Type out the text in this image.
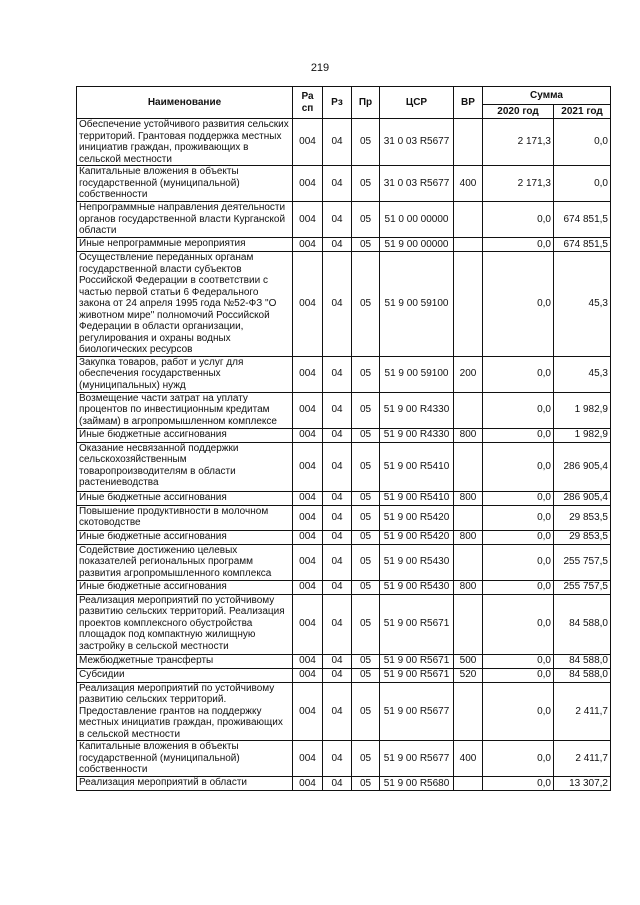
219
Наименование	Ра сп	Рз	Пр	ЦСР	ВР	Сумма	
						2020 год	2021 год
Обеспечение устойчивого развития сельских территорий. Грантовая поддержка местных инициатив граждан, проживающих в сельской местности	004	04	05	31 0 03 R5677		2 171,3	0,0
Капитальные вложения в объекты государственной (муниципальной) собственности	004	04	05	31 0 03 R5677	400	2 171,3	0,0
Непрограммные направления деятельности органов государственной власти Курганской области	004	04	05	51 0 00 00000		0,0	674 851,5
Иные непрограммные мероприятия	004	04	05	51 9 00 00000		0,0	674 851,5
Осуществление переданных органам государственной власти субъектов Российской Федерации в соответствии с частью первой статьи 6 Федерального закона от 24 апреля 1995 года №52-ФЗ "О животном мире" полномочий Российской Федерации в области организации, регулирования и охраны водных биологических ресурсов	004	04	05	51 9 00 59100		0,0	45,3
Закупка товаров, работ и услуг для обеспечения государственных (муниципальных) нужд	004	04	05	51 9 00 59100	200	0,0	45,3
Возмещение части затрат на уплату процентов по инвестиционным кредитам (займам) в агропромышленном комплексе	004	04	05	51 9 00 R4330		0,0	1 982,9
Иные бюджетные ассигнования	004	04	05	51 9 00 R4330	800	0,0	1 982,9
Оказание несвязанной поддержки сельскохозяйственным товаропроизводителям в области растениеводства	004	04	05	51 9 00 R5410		0,0	286 905,4
Иные бюджетные ассигнования	004	04	05	51 9 00 R5410	800	0,0	286 905,4
Повышение продуктивности в молочном скотоводстве	004	04	05	51 9 00 R5420		0,0	29 853,5
Иные бюджетные ассигнования	004	04	05	51 9 00 R5420	800	0,0	29 853,5
Содействие достижению целевых показателей региональных программ развития агропромышленного комплекса	004	04	05	51 9 00 R5430		0,0	255 757,5
Иные бюджетные ассигнования	004	04	05	51 9 00 R5430	800	0,0	255 757,5
Реализация мероприятий по устойчивому развитию сельских территорий. Реализация проектов комплексного обустройства площадок под компактную жилищную застройку в сельской местности	004	04	05	51 9 00 R5671		0,0	84 588,0
Межбюджетные трансферты	004	04	05	51 9 00 R5671	500	0,0	84 588,0
Субсидии	004	04	05	51 9 00 R5671	520	0,0	84 588,0
Реализация мероприятий по устойчивому развитию сельских территорий. Предоставление грантов на поддержку местных инициатив граждан, проживающих в сельской местности	004	04	05	51 9 00 R5677		0,0	2 411,7
Капитальные вложения в объекты государственной (муниципальной) собственности	004	04	05	51 9 00 R5677	400	0,0	2 411,7
Реализация мероприятий в области	004	04	05	51 9 00 R5680		0,0	13 307,2
